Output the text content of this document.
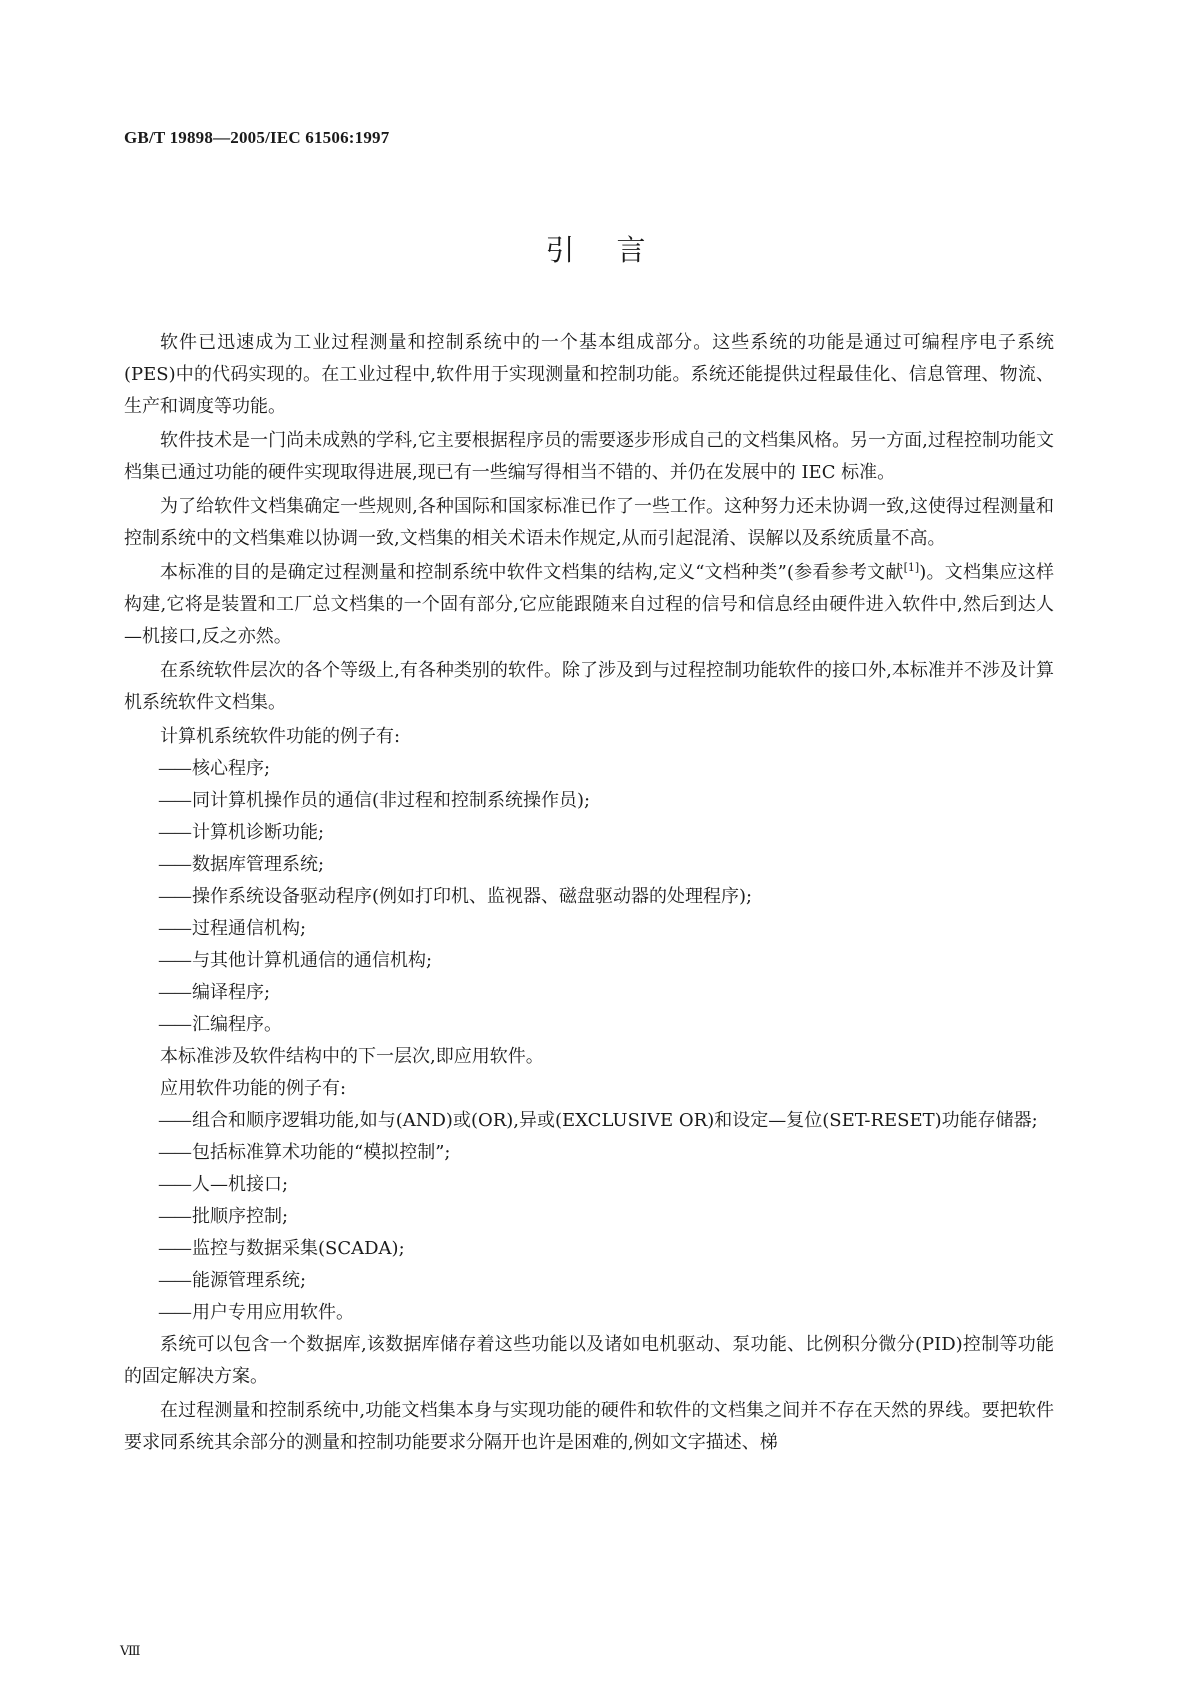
GB/T 19898—2005/IEC 61506:1997
引言

软件已迅速成为工业过程测量和控制系统中的一个基本组成部分。这些系统的功能是通过可编程序电子系统(PES)中的代码实现的。在工业过程中,软件用于实现测量和控制功能。系统还能提供过程最佳化、信息管理、物流、生产和调度等功能。

软件技术是一门尚未成熟的学科,它主要根据程序员的需要逐步形成自己的文档集风格。另一方面,过程控制功能文档集已通过功能的硬件实现取得进展,现已有一些编写得相当不错的、并仍在发展中的 IEC 标准。

为了给软件文档集确定一些规则,各种国际和国家标准已作了一些工作。这种努力还未协调一致,这使得过程测量和控制系统中的文档集难以协调一致,文档集的相关术语未作规定,从而引起混淆、误解以及系统质量不高。

本标准的目的是确定过程测量和控制系统中软件文档集的结构,定义“文档种类”(参看参考文献[1])。文档集应这样构建,它将是装置和工厂总文档集的一个固有部分,它应能跟随来自过程的信号和信息经由硬件进入软件中,然后到达人—机接口,反之亦然。

在系统软件层次的各个等级上,有各种类别的软件。除了涉及到与过程控制功能软件的接口外,本标准并不涉及计算机系统软件文档集。

计算机系统软件功能的例子有:

—— 核心程序;
—— 同计算机操作员的通信(非过程和控制系统操作员);
—— 计算机诊断功能;
—— 数据库管理系统;
—— 操作系统设备驱动程序(例如打印机、监视器、磁盘驱动器的处理程序);
—— 过程通信机构;
—— 与其他计算机通信的通信机构;
—— 编译程序;
—— 汇编程序。

本标准涉及软件结构中的下一层次,即应用软件。

应用软件功能的例子有:

—— 组合和顺序逻辑功能,如与(AND)或(OR),异或(EXCLUSIVE OR)和设定—复位(SET-RESET)功能存储器;
—— 包括标准算术功能的“模拟控制”;
—— 人—机接口;
—— 批顺序控制;
—— 监控与数据采集(SCADA);
—— 能源管理系统;
—— 用户专用应用软件。

系统可以包含一个数据库,该数据库储存着这些功能以及诸如电机驱动、泵功能、比例积分微分(PID)控制等功能的固定解决方案。

在过程测量和控制系统中,功能文档集本身与实现功能的硬件和软件的文档集之间并不存在天然的界线。要把软件要求同系统其余部分的测量和控制功能要求分隔开也许是困难的,例如文字描述、梯

Ⅷ
